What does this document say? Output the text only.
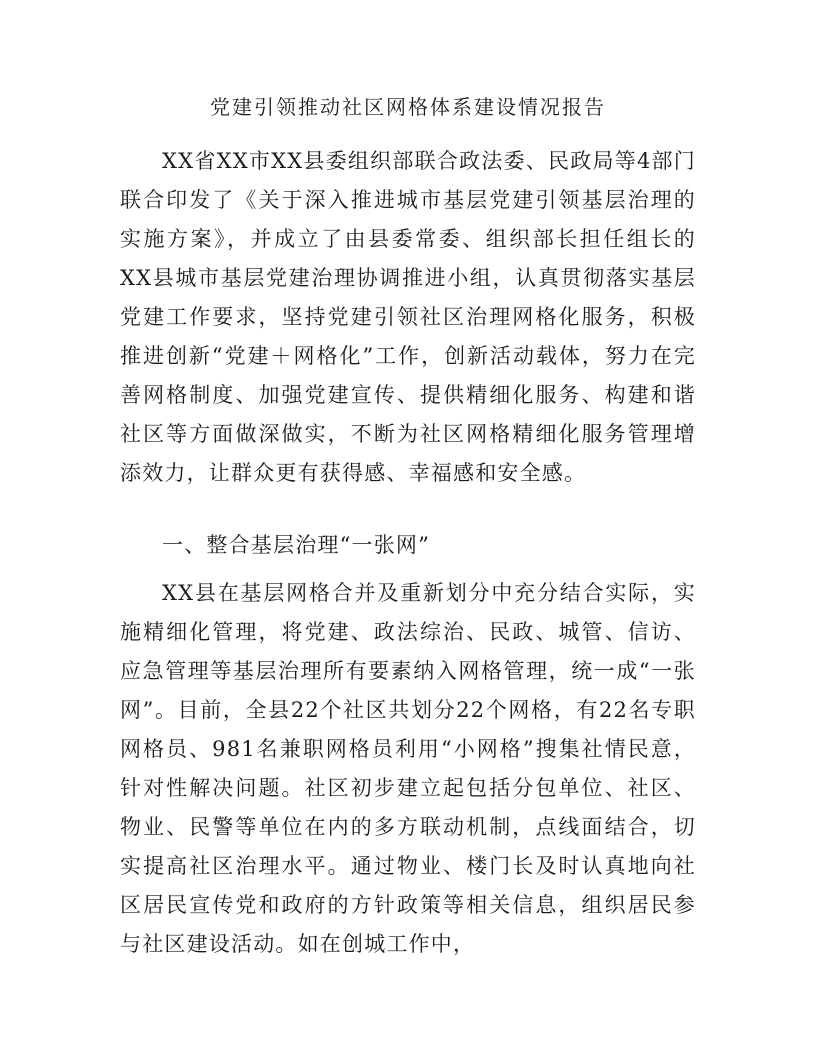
党建引领推动社区网格体系建设情况报告

XX省XX市XX县委组织部联合政法委、民政局等4部门联合印发了《关于深入推进城市基层党建引领基层治理的实施方案》，并成立了由县委常委、组织部长担任组长的XX县城市基层党建治理协调推进小组，认真贯彻落实基层党建工作要求，坚持党建引领社区治理网格化服务，积极推进创新“党建＋网格化”工作，创新活动载体，努力在完善网格制度、加强党建宣传、提供精细化服务、构建和谐社区等方面做深做实，不断为社区网格精细化服务管理增添效力，让群众更有获得感、幸福感和安全感。

一、整合基层治理“一张网”

XX县在基层网格合并及重新划分中充分结合实际，实施精细化管理，将党建、政法综治、民政、城管、信访、应急管理等基层治理所有要素纳入网格管理，统一成“一张网”。目前，全县22个社区共划分22个网格，有22名专职网格员、981名兼职网格员利用“小网格”搜集社情民意，针对性解决问题。社区初步建立起包括分包单位、社区、物业、民警等单位在内的多方联动机制，点线面结合，切实提高社区治理水平。通过物业、楼门长及时认真地向社区居民宣传党和政府的方针政策等相关信息，组织居民参与社区建设活动。如在创城工作中，
